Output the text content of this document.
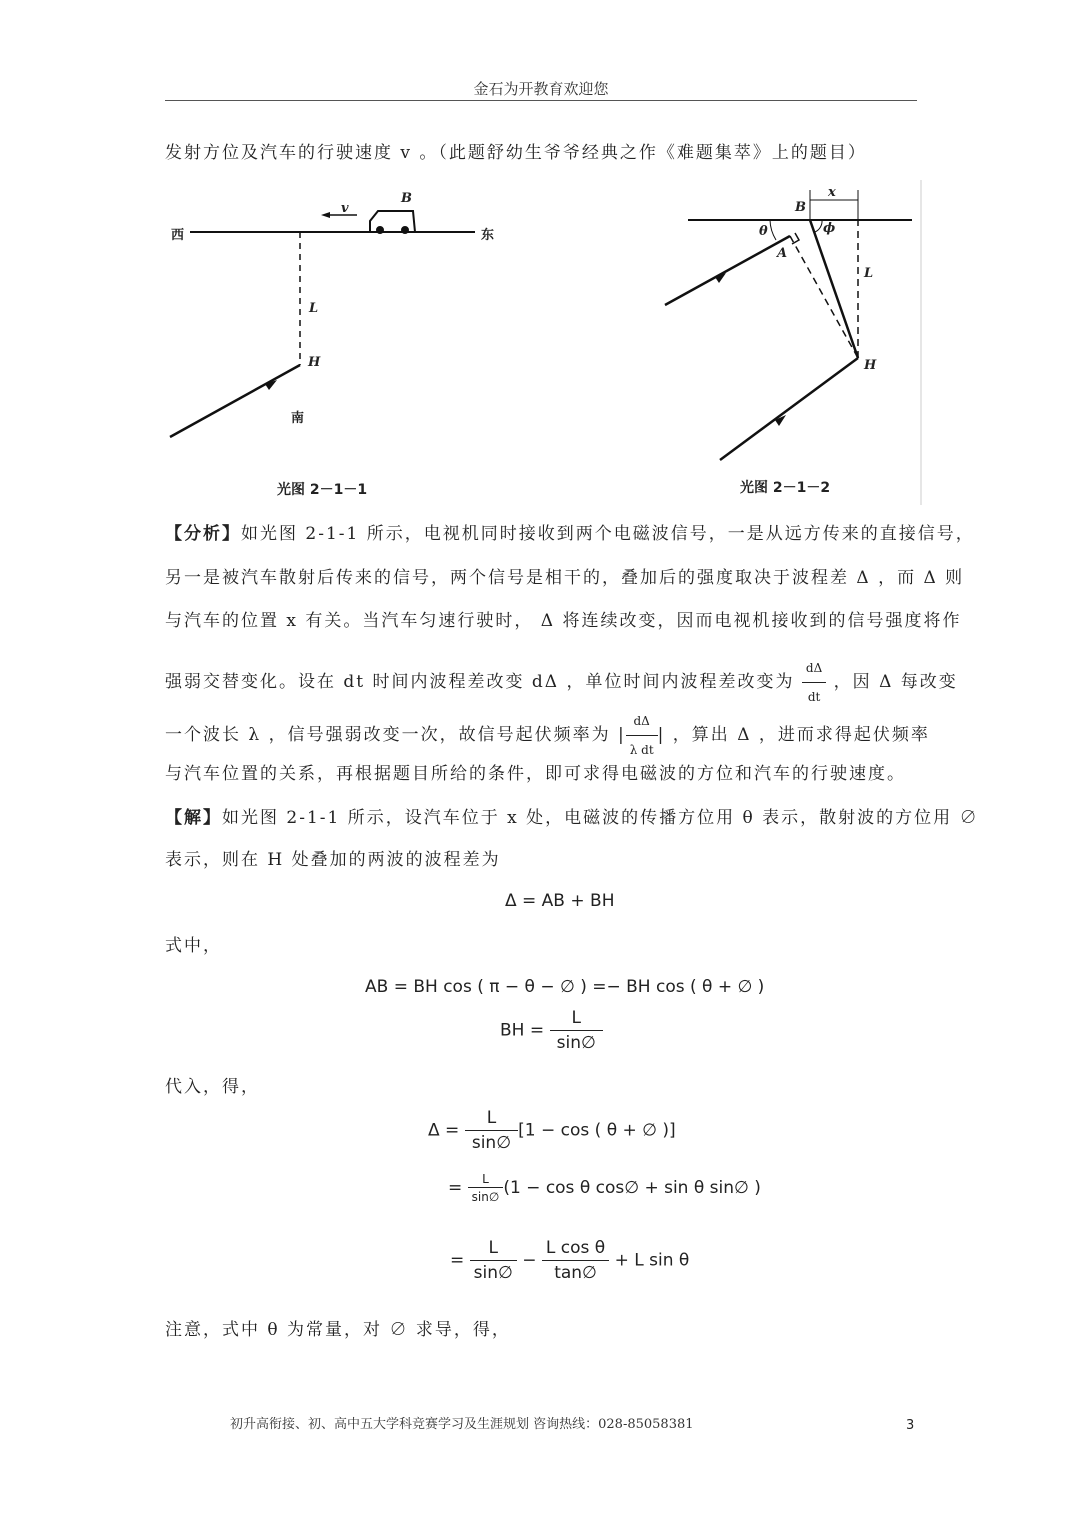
金石为开教育欢迎您
发射方位及汽车的行驶速度 v 。（此题舒幼生爷爷经典之作《难题集萃》上的题目）
西	东
B
v
L
H
南
光图 2－1－1
B
x
θ	ϕ
A
L
H
光图 2－1－2
【分析】如光图 2-1-1 所示，电视机同时接收到两个电磁波信号，一是从远方传来的直接信号，
另一是被汽车散射后传来的信号，两个信号是相干的，叠加后的强度取决于波程差 Δ ，而 Δ 则
与汽车的位置 x 有关。当汽车匀速行驶时， Δ 将连续改变，因而电视机接收到的信号强度将作
强弱交替变化。设在 dt 时间内波程差改变 dΔ ，单位时间内波程差改变为 $\frac{d\Delta}{dt}$ ，因 Δ 每改变
一个波长 λ ，信号强弱改变一次，故信号起伏频率为 | $\frac{d\Delta}{\text{λ dt}}$ | ，算出 Δ ，进而求得起伏频率
与汽车位置的关系，再根据题目所给的条件，即可求得电磁波的方位和汽车的行驶速度。
【解】如光图 2-1-1 所示，设汽车位于 x 处，电磁波的传播方位用 θ 表示，散射波的方位用 ∅
表示，则在 H 处叠加的两波的波程差为
Δ = AB + BH
式中，
AB = BH cos ( π − θ − ∅ ) =− BH cos ( θ + ∅ )
BH = $\frac{L}{\sin\emptyset}$
代入，得，
$\Delta = \frac{L}{\sin\emptyset} [1 - \cos$ ( θ + ∅ )]
= $\frac{L}{\sin\emptyset} (1 - \cos \theta$ cos∅ + sin θ sin∅ )
= $\frac{L}{\sin\emptyset} - \frac{\text{L cos θ}}{\tan\emptyset} + L$ sin θ
注意，式中 θ 为常量，对 ∅ 求导，得，
初升高衔接、初、高中五大学科竞赛学习及生涯规划 咨询热线：028-85058381	3
